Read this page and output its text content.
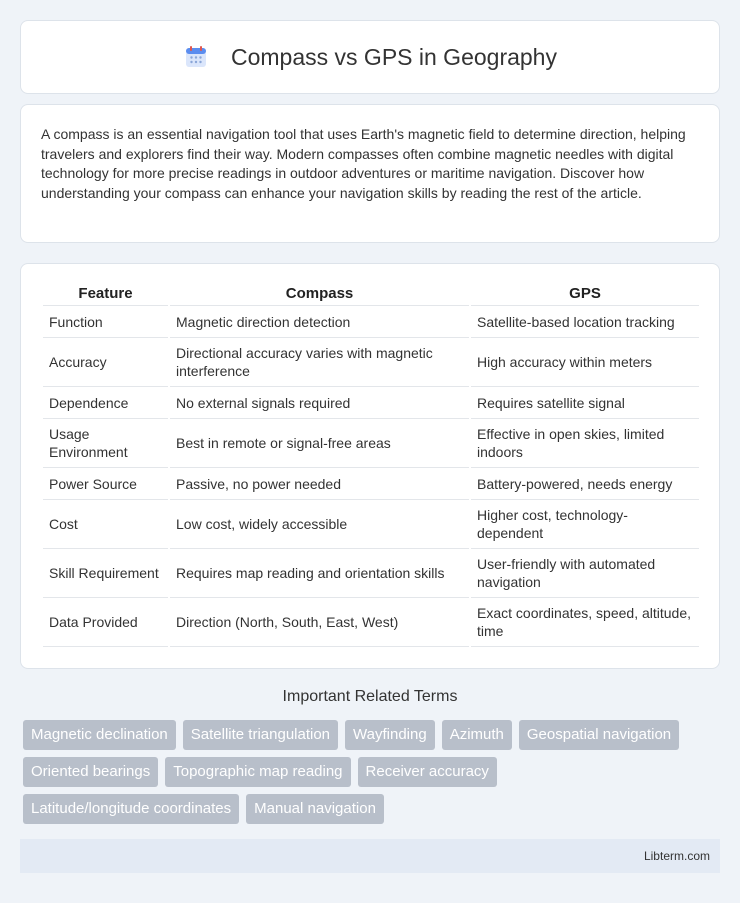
Compass vs GPS in Geography

A compass is an essential navigation tool that uses Earth's magnetic field to determine direction, helping travelers and explorers find their way. Modern compasses often combine magnetic needles with digital technology for more precise readings in outdoor adventures or maritime navigation. Discover how understanding your compass can enhance your navigation skills by reading the rest of the article.

Feature	Compass	GPS
Function	Magnetic direction detection	Satellite-based location tracking
Accuracy	Directional accuracy varies with magnetic interference	High accuracy within meters
Dependence	No external signals required	Requires satellite signal
Usage Environment	Best in remote or signal-free areas	Effective in open skies, limited indoors
Power Source	Passive, no power needed	Battery-powered, needs energy
Cost	Low cost, widely accessible	Higher cost, technology-dependent
Skill Requirement	Requires map reading and orientation skills	User-friendly with automated navigation
Data Provided	Direction (North, South, East, West)	Exact coordinates, speed, altitude, time
Important Related Terms
Magnetic declination	Satellite triangulation	Wayfinding	Azimuth	Geospatial navigation
Oriented bearings	Topographic map reading	Receiver accuracy
Latitude/longitude coordinates	Manual navigation
Libterm.com
